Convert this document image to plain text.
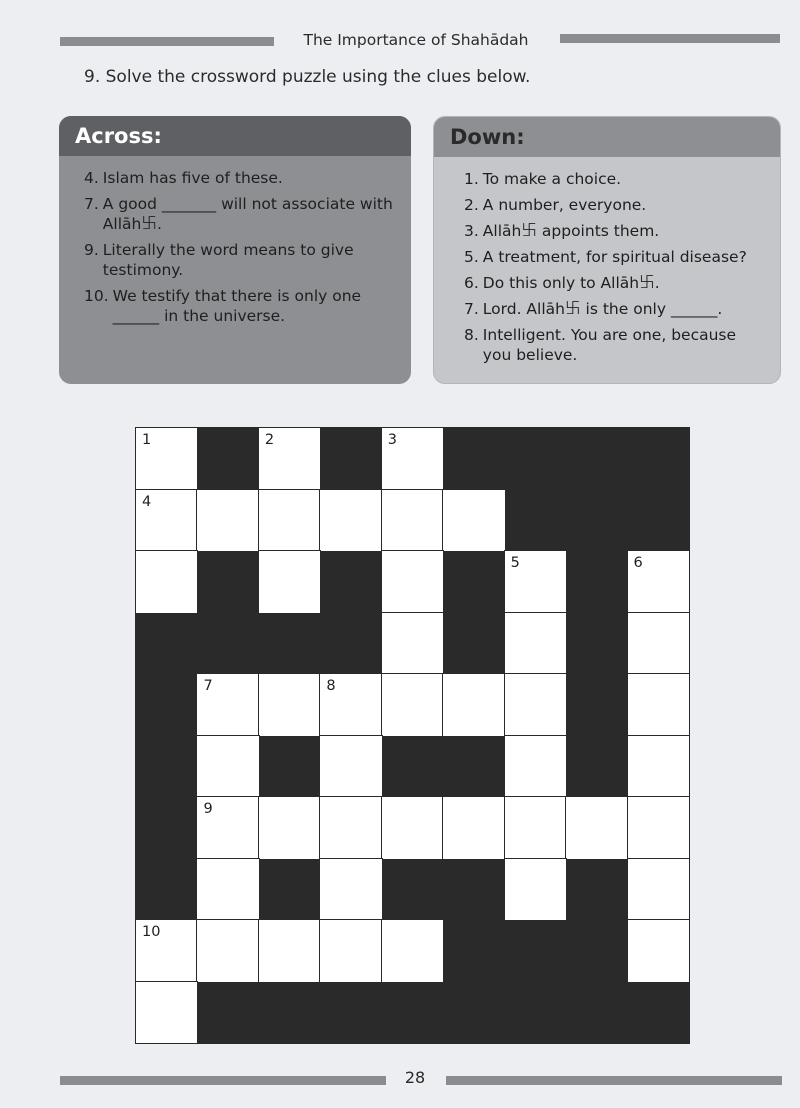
The Importance of Shahādah
9. Solve the crossword puzzle using the clues below.
Across:
4. Islam has five of these.
7. A good _______ will not associate with Allāh࿕.
9. Literally the word means to give testimony.
10. We testify that there is only one ______ in the universe.
Down:
1. To make a choice.
2. A number, everyone.
3. Allāh࿕ appoints them.
5. A treatment, for spiritual disease?
6. Do this only to Allāh࿕.
7. Lord. Allāh࿕ is the only ______.
8. Intelligent. You are one, because you believe.
1	2	3
4
5	6
7	8
9
10
28
